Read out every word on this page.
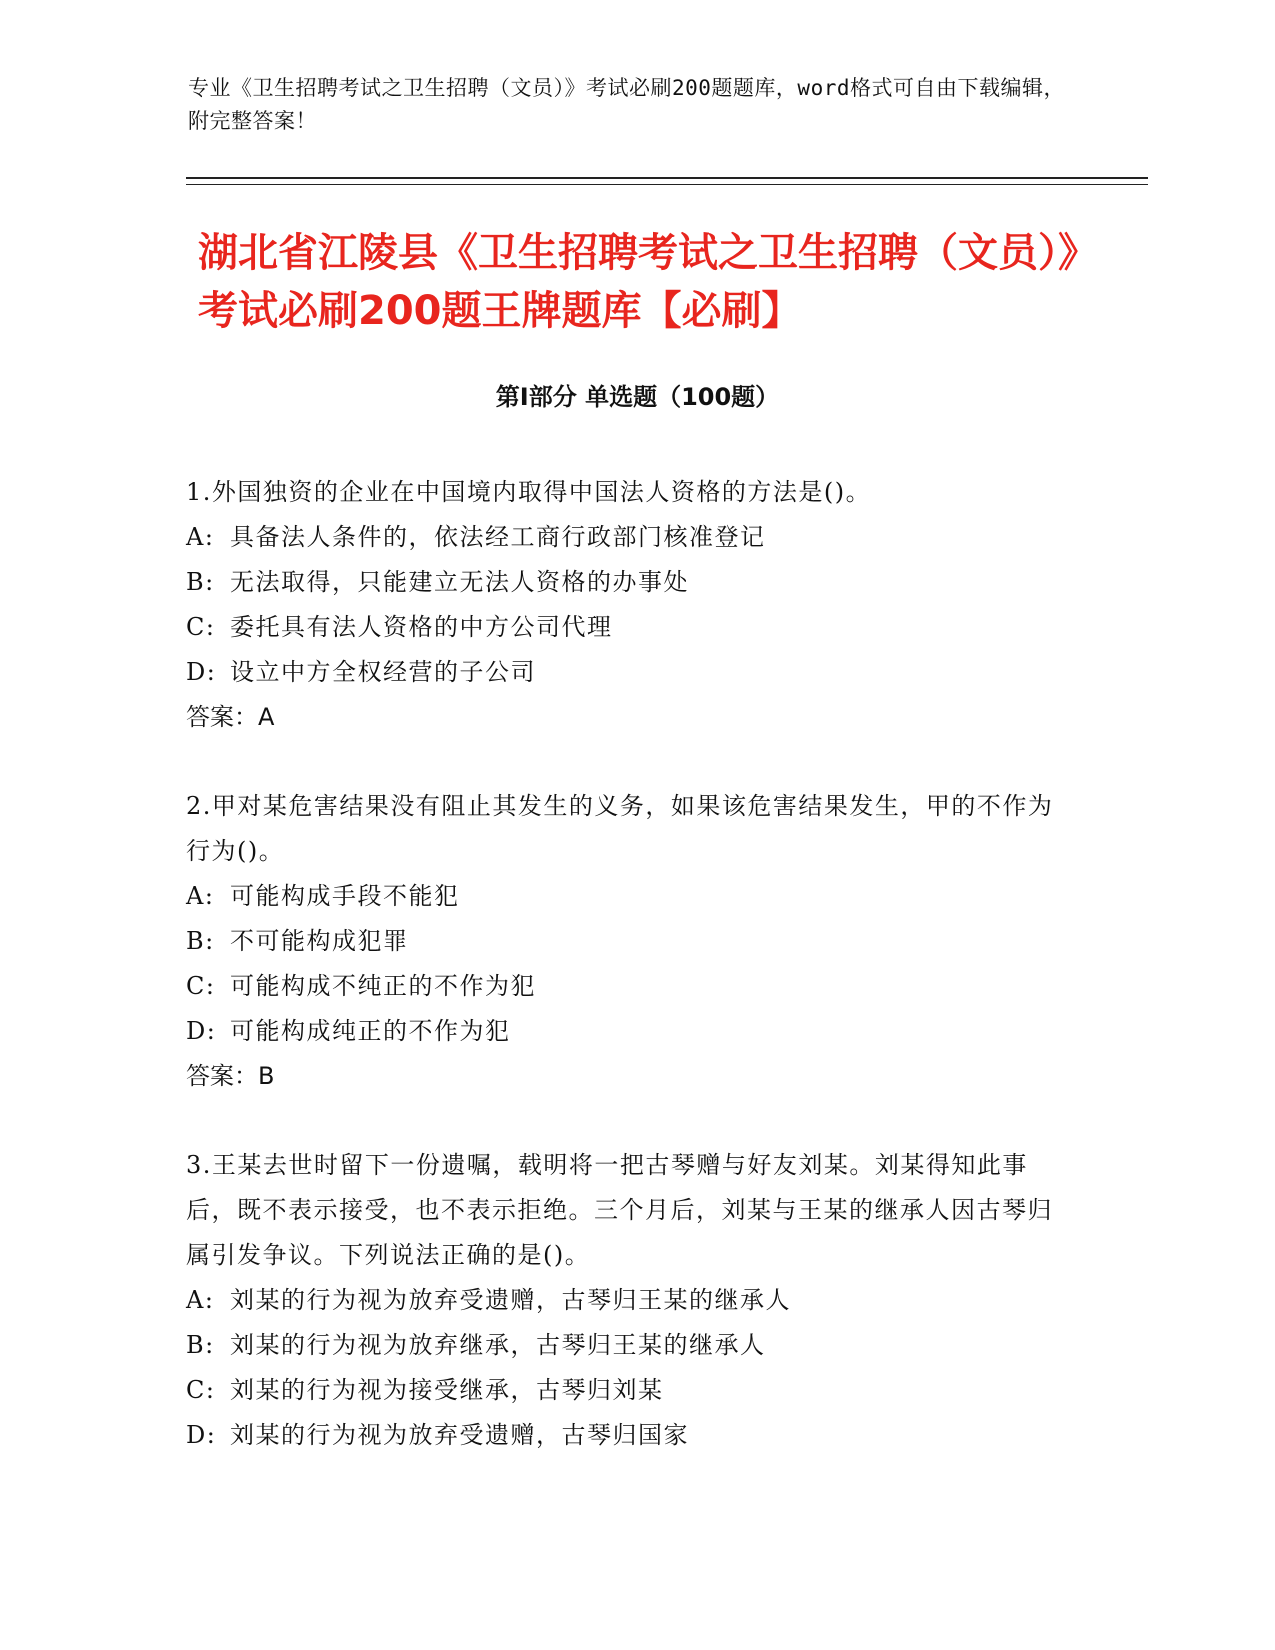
专业《卫生招聘考试之卫生招聘（文员）》考试必刷200题题库，word格式可自由下载编辑，附完整答案！
湖北省江陵县《卫生招聘考试之卫生招聘（文员）》考试必刷200题王牌题库【必刷】
第I部分 单选题（100题）
1.外国独资的企业在中国境内取得中国法人资格的方法是()。
A: 具备法人条件的，依法经工商行政部门核准登记
B: 无法取得，只能建立无法人资格的办事处
C: 委托具有法人资格的中方公司代理
D: 设立中方全权经营的子公司
答案：A
2.甲对某危害结果没有阻止其发生的义务，如果该危害结果发生，甲的不作为行为()。
A: 可能构成手段不能犯
B: 不可能构成犯罪
C: 可能构成不纯正的不作为犯
D: 可能构成纯正的不作为犯
答案：B
3.王某去世时留下一份遗嘱，载明将一把古琴赠与好友刘某。刘某得知此事后，既不表示接受，也不表示拒绝。三个月后，刘某与王某的继承人因古琴归属引发争议。下列说法正确的是()。
A: 刘某的行为视为放弃受遗赠，古琴归王某的继承人
B: 刘某的行为视为放弃继承，古琴归王某的继承人
C: 刘某的行为视为接受继承，古琴归刘某
D: 刘某的行为视为放弃受遗赠，古琴归国家
